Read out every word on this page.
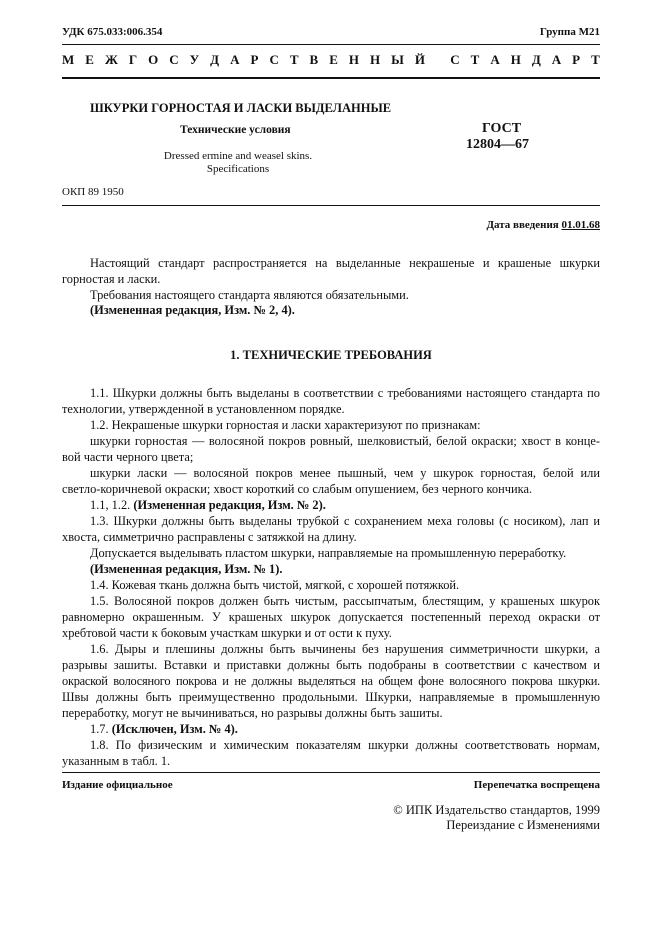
УДК 675.033:006.354	Группа М21
М Е Ж Г О С У Д А Р С Т В Е Н Н Ы Й
С Т А Н Д А Р Т
ШКУРКИ ГОРНОСТАЯ И ЛАСКИ ВЫДЕЛАННЫЕ
Технические условия
Dressed ermine and weasel skins.
Specifications
ГОСТ
12804—67
ОКП 89 1950
Дата введения 01.01.68
Настоящий стандарт распространяется на выделанные некрашеные и крашеные шкурки
горностая и ласки.
Требования настоящего стандарта являются обязательными.
(Измененная редакция, Изм. № 2, 4).
1. ТЕХНИЧЕСКИЕ ТРЕБОВАНИЯ
1.1. Шкурки должны быть выделаны в соответствии с требованиями настоящего стандарта по
технологии, утвержденной в установленном порядке.
1.2. Некрашеные шкурки горностая и ласки характеризуют по признакам:
шкурки горностая — волосяной покров ровный, шелковистый, белой окраски; хвост в конце-
вой части черного цвета;
шкурки ласки — волосяной покров менее пышный, чем у шкурок горностая, белой или
светло-коричневой окраски; хвост короткий со слабым опушением, без черного кончика.
1.1, 1.2. (Измененная редакция, Изм. № 2).
1.3. Шкурки должны быть выделаны трубкой с сохранением меха головы (с носиком), лап и
хвоста, симметрично расправлены с затяжкой на длину.
Допускается выделывать пластом шкурки, направляемые на промышленную переработку.
(Измененная редакция, Изм. № 1).
1.4. Кожевая ткань должна быть чистой, мягкой, с хорошей потяжкой.
1.5. Волосяной покров должен быть чистым, рассыпчатым, блестящим, у крашеных шкурок
равномерно окрашенным. У крашеных шкурок допускается постепенный переход окраски от
хребтовой части к боковым участкам шкурки и от ости к пуху.
1.6. Дыры и плешины должны быть вычинены без нарушения симметричности шкурки, а
разрывы зашиты. Вставки и приставки должны быть подобраны в соответствии с качеством и
окраской волосяного покрова и не должны выделяться на общем фоне волосяного покрова шкурки.
Швы должны быть преимущественно продольными. Шкурки, направляемые в промышленную
переработку, могут не вычиниваться, но разрывы должны быть зашиты.
1.7. (Исключен, Изм. № 4).
1.8. По физическим и химическим показателям шкурки должны соответствовать нормам,
указанным в табл. 1.
Издание официальное	Перепечатка воспрещена
© ИПК Издательство стандартов, 1999
Переиздание с Изменениями
